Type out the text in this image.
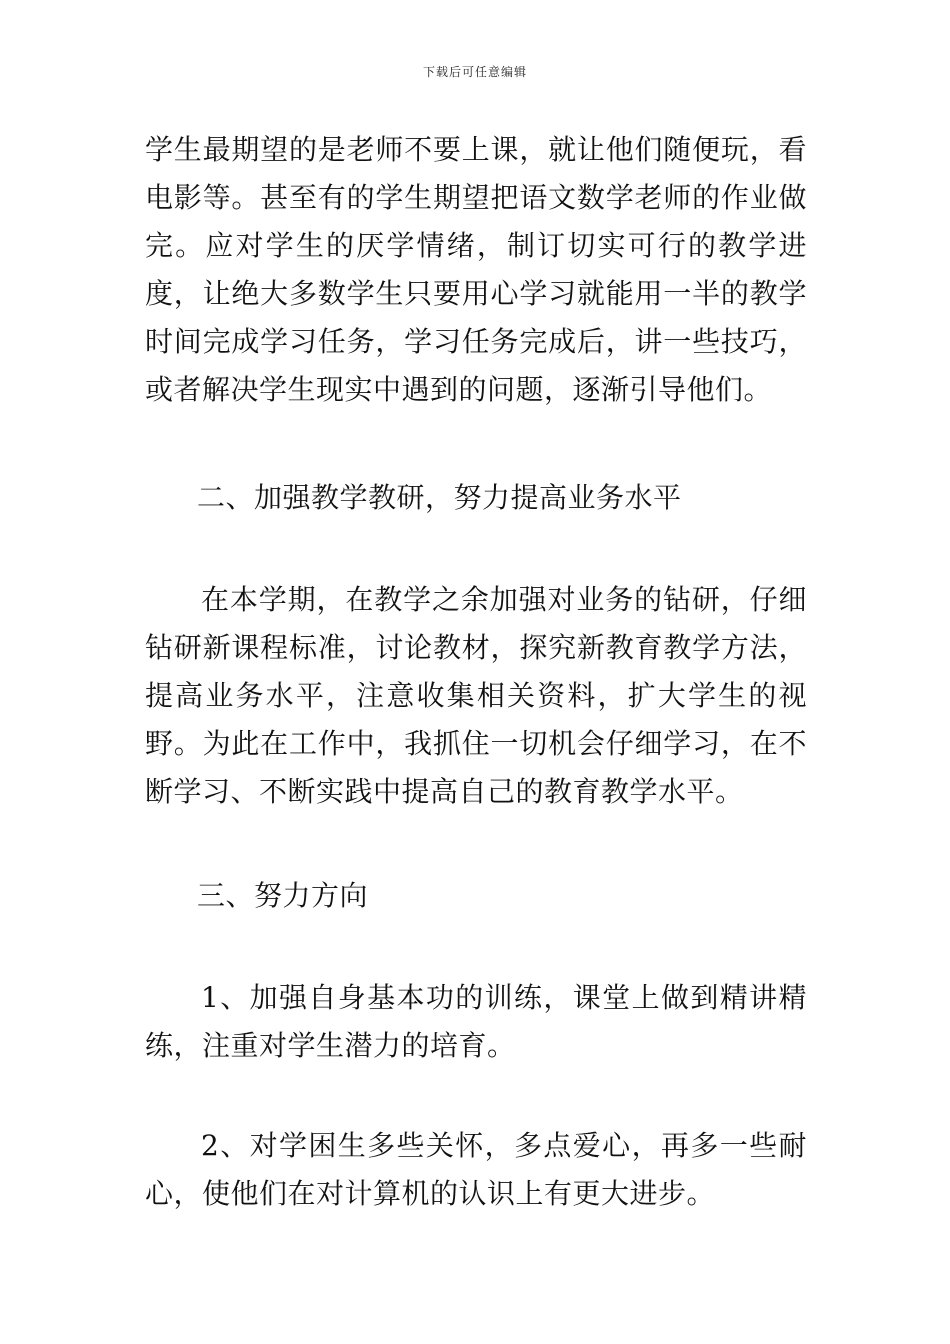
下载后可任意编辑

学生最期望的是老师不要上课，就让他们随便玩，看电影等。甚至有的学生期望把语文数学老师的作业做完。应对学生的厌学情绪，制订切实可行的教学进度，让绝大多数学生只要用心学习就能用一半的教学时间完成学习任务，学习任务完成后，讲一些技巧，或者解决学生现实中遇到的问题，逐渐引导他们。

二、加强教学教研，努力提高业务水平

在本学期，在教学之余加强对业务的钻研，仔细钻研新课程标准，讨论教材，探究新教育教学方法，提高业务水平，注意收集相关资料，扩大学生的视野。为此在工作中，我抓住一切机会仔细学习，在不断学习、不断实践中提高自己的教育教学水平。

三、努力方向

1、加强自身基本功的训练，课堂上做到精讲精练，注重对学生潜力的培育。

2、对学困生多些关怀，多点爱心，再多一些耐心，使他们在对计算机的认识上有更大进步。
